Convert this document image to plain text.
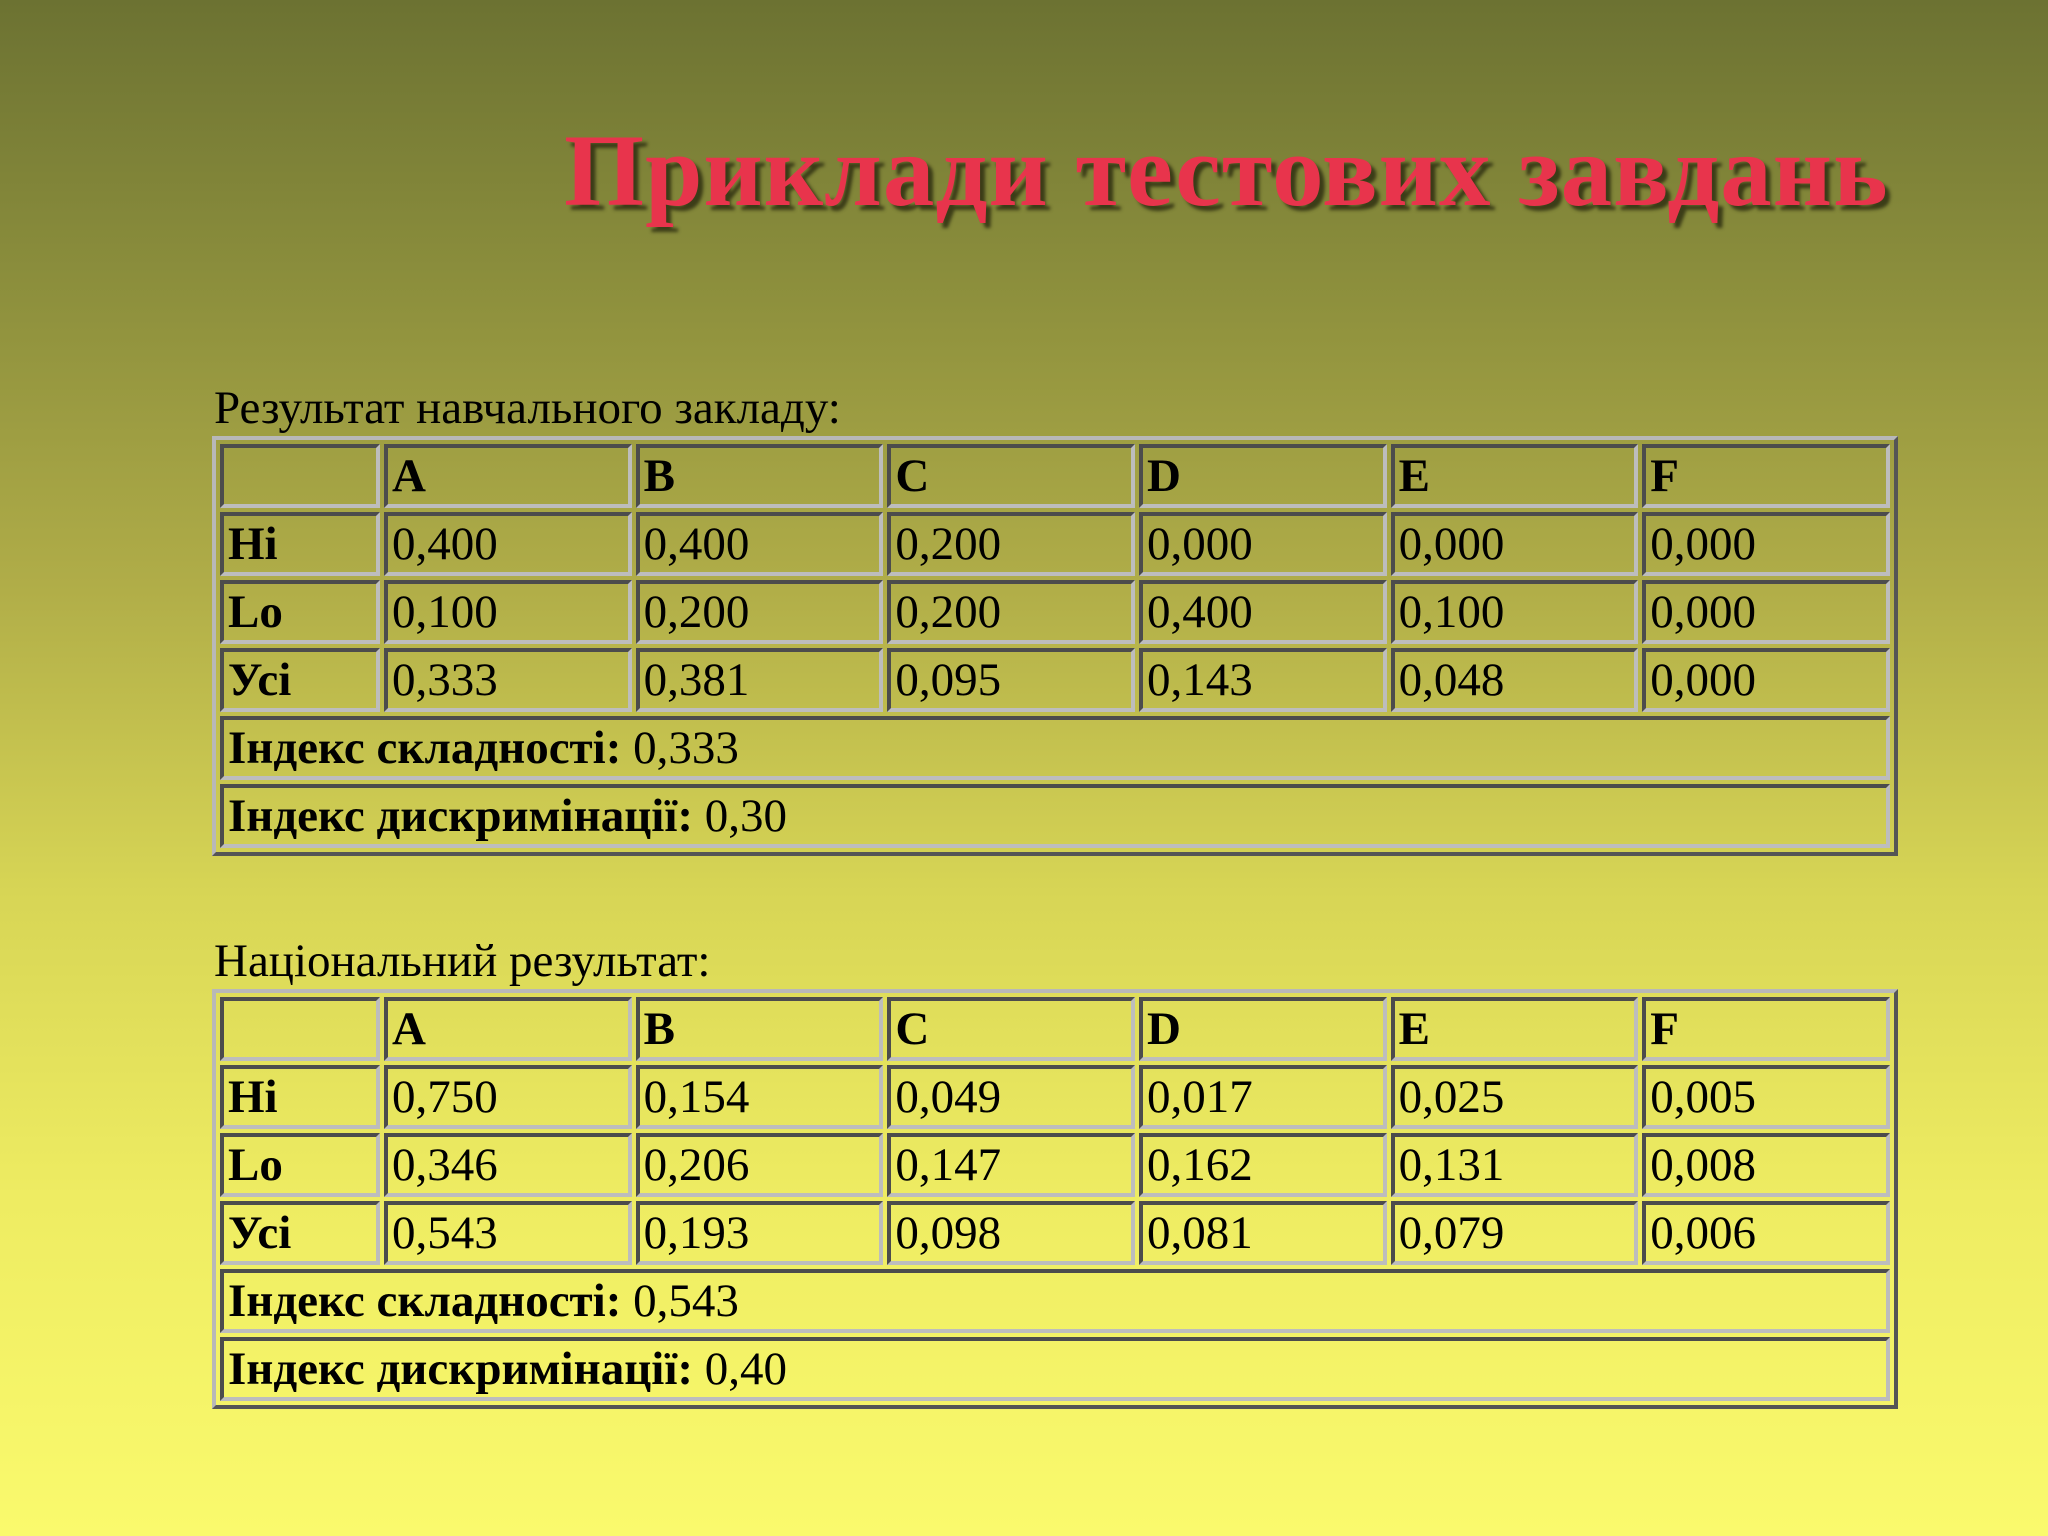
Приклади тестових завдань
Результат навчального закладу:
	A	B	C	D	E	F
Ні	0,400	0,400	0,200	0,000	0,000	0,000
Lo	0,100	0,200	0,200	0,400	0,100	0,000
Усі	0,333	0,381	0,095	0,143	0,048	0,000
Індекс складності: 0,333						
Індекс дискримінації: 0,30						
Національний результат:
	A	B	C	D	E	F
Ні	0,750	0,154	0,049	0,017	0,025	0,005
Lo	0,346	0,206	0,147	0,162	0,131	0,008
Усі	0,543	0,193	0,098	0,081	0,079	0,006
Індекс складності: 0,543						
Індекс дискримінації: 0,40						
